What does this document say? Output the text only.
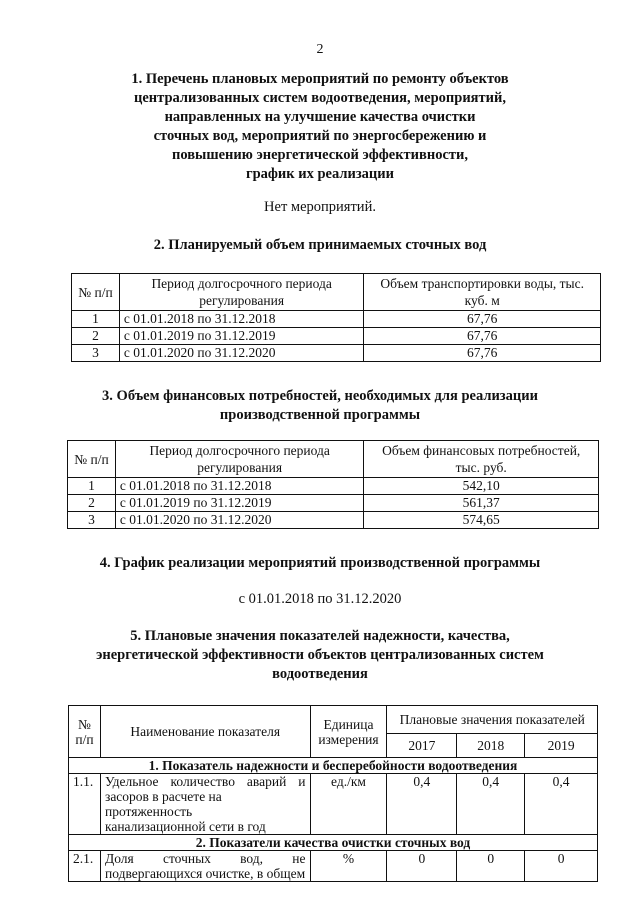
2
1. Перечень плановых мероприятий по ремонту объектов
централизованных систем водоотведения, мероприятий,
направленных на улучшение качества очистки
сточных вод, мероприятий по энергосбережению и
повышению энергетической эффективности,
график их реализации
Нет мероприятий.
2. Планируемый объем принимаемых сточных вод
№ п/п	Период долгосрочного периода регулирования	Объем транспортировки воды, тыс. куб. м
1	с 01.01.2018 по 31.12.2018	67,76
2	с 01.01.2019 по 31.12.2019	67,76
3	с 01.01.2020 по 31.12.2020	67,76
3. Объем финансовых потребностей, необходимых для реализации
производственной программы
№ п/п	Период долгосрочного периода регулирования	Объем финансовых потребностей, тыс. руб.
1	с 01.01.2018 по 31.12.2018	542,10
2	с 01.01.2019 по 31.12.2019	561,37
3	с 01.01.2020 по 31.12.2020	574,65
4. График реализации мероприятий производственной программы
с 01.01.2018 по 31.12.2020
5. Плановые значения показателей надежности, качества,
энергетической эффективности объектов централизованных систем
водоотведения
№ п/п	Наименование показателя	Единица измерения	Плановые значения показателей		
			2017	2018	2019
1. Показатель надежности и бесперебойности водоотведения					
1.1.	Удельное количество аварий и
засоров в расчете на протяженность
канализационной сети в год	ед./км	0,4	0,4	0,4
2. Показатели качества очистки сточных вод					
2.1.	Доля сточных вод, не
подвергающихся очистке, в общем	%	0	0	0
